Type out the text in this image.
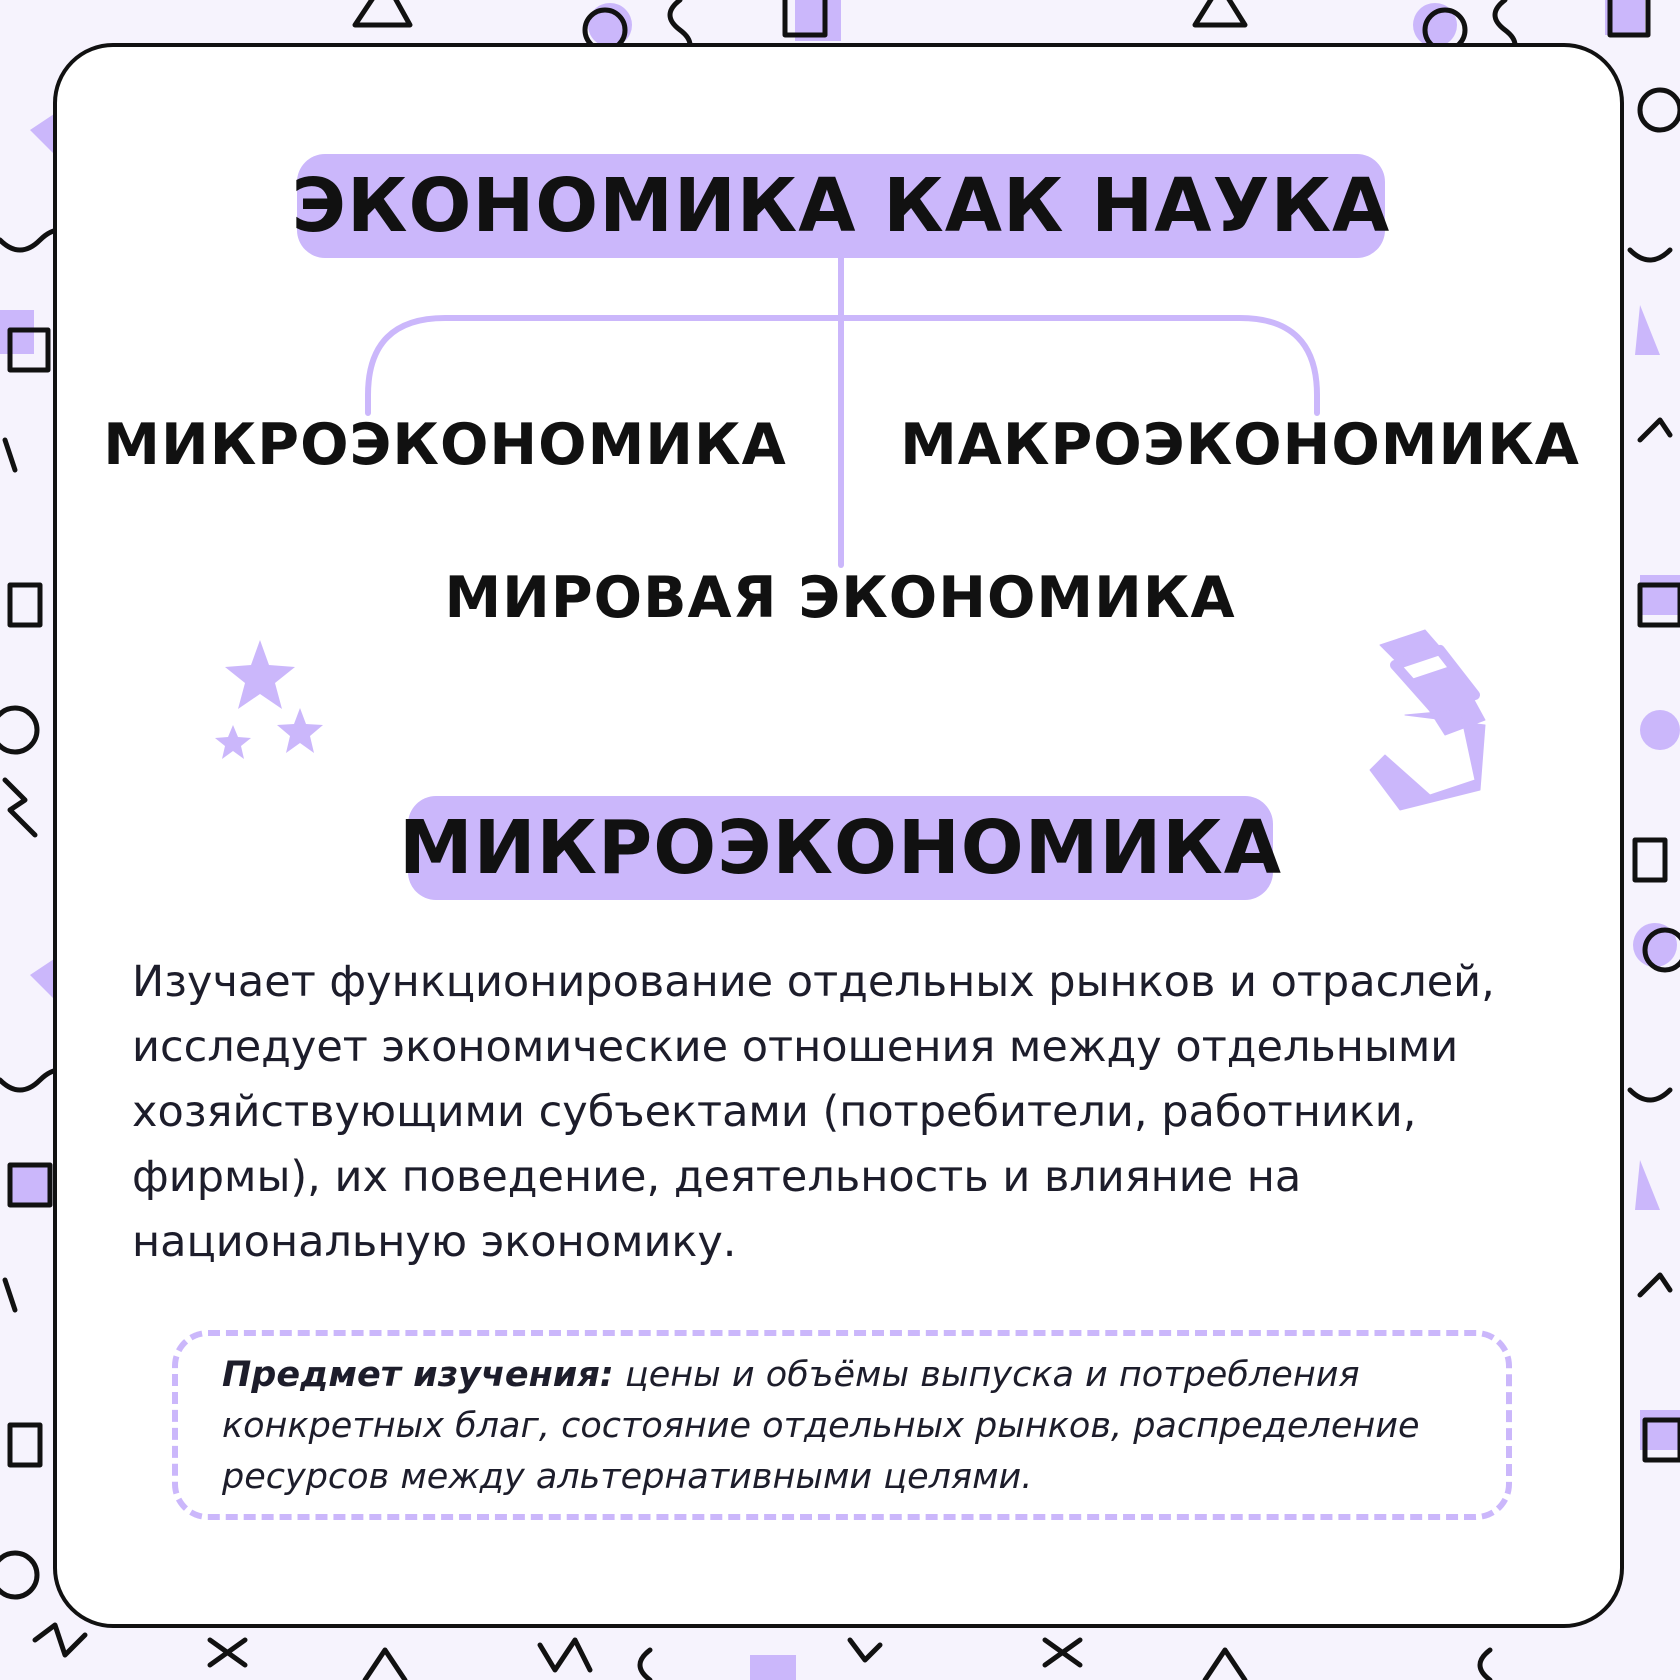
ЭКОНОМИКА КАК НАУКА
МИКРОЭКОНОМИКА МАКРОЭКОНОМИКА
МИРОВАЯ ЭКОНОМИКА
МИКРОЭКОНОМИКА
Изучает функционирование отдельных рынков и отраслей, исследует экономические отношения между отдельными хозяйствующими субъектами (потребители, работники, фирмы), их поведение, деятельность и влияние на национальную экономику.
Предмет изучения: цены и объёмы выпуска и потребления конкретных благ, состояние отдельных рынков, распределение ресурсов между альтернативными целями.
